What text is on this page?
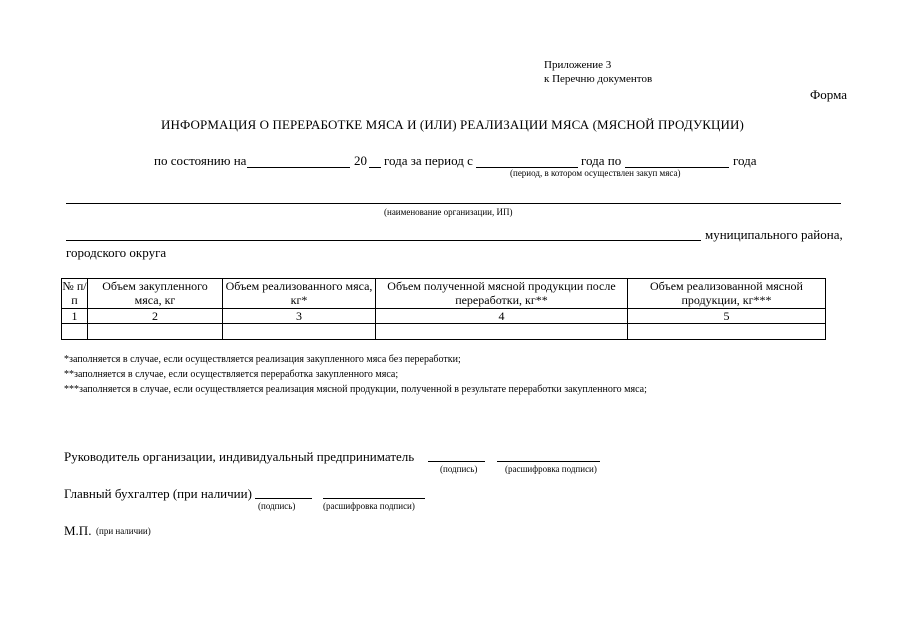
Приложение 3
к Перечню документов
Форма
ИНФОРМАЦИЯ О ПЕРЕРАБОТКЕ МЯСА И (ИЛИ) РЕАЛИЗАЦИИ МЯСА (МЯСНОЙ ПРОДУКЦИИ)
по состоянию на	20 года за период с	года по	года
(период, в котором осуществлен закуп мяса)
(наименование организации, ИП)
муниципального района,
городского округа
№ п/п	Объем закупленного мяса, кг	Объем реализованного мяса, кг*	Объем полученной мясной продукции после переработки, кг**	Объем реализованной мясной продукции, кг***
1	2	3	4	5

*заполняется в случае, если осуществляется реализация закупленного мяса без переработки;
**заполняется в случае, если осуществляется переработка закупленного мяса;
***заполняется в случае, если осуществляется реализация мясной продукции, полученной в результате переработки закупленного мяса;
Руководитель организации, индивидуальный предприниматель
(подпись)	(расшифровка подписи)
Главный бухгалтер (при наличии)
(подпись)	(расшифровка подписи)
М.П. (при наличии)
